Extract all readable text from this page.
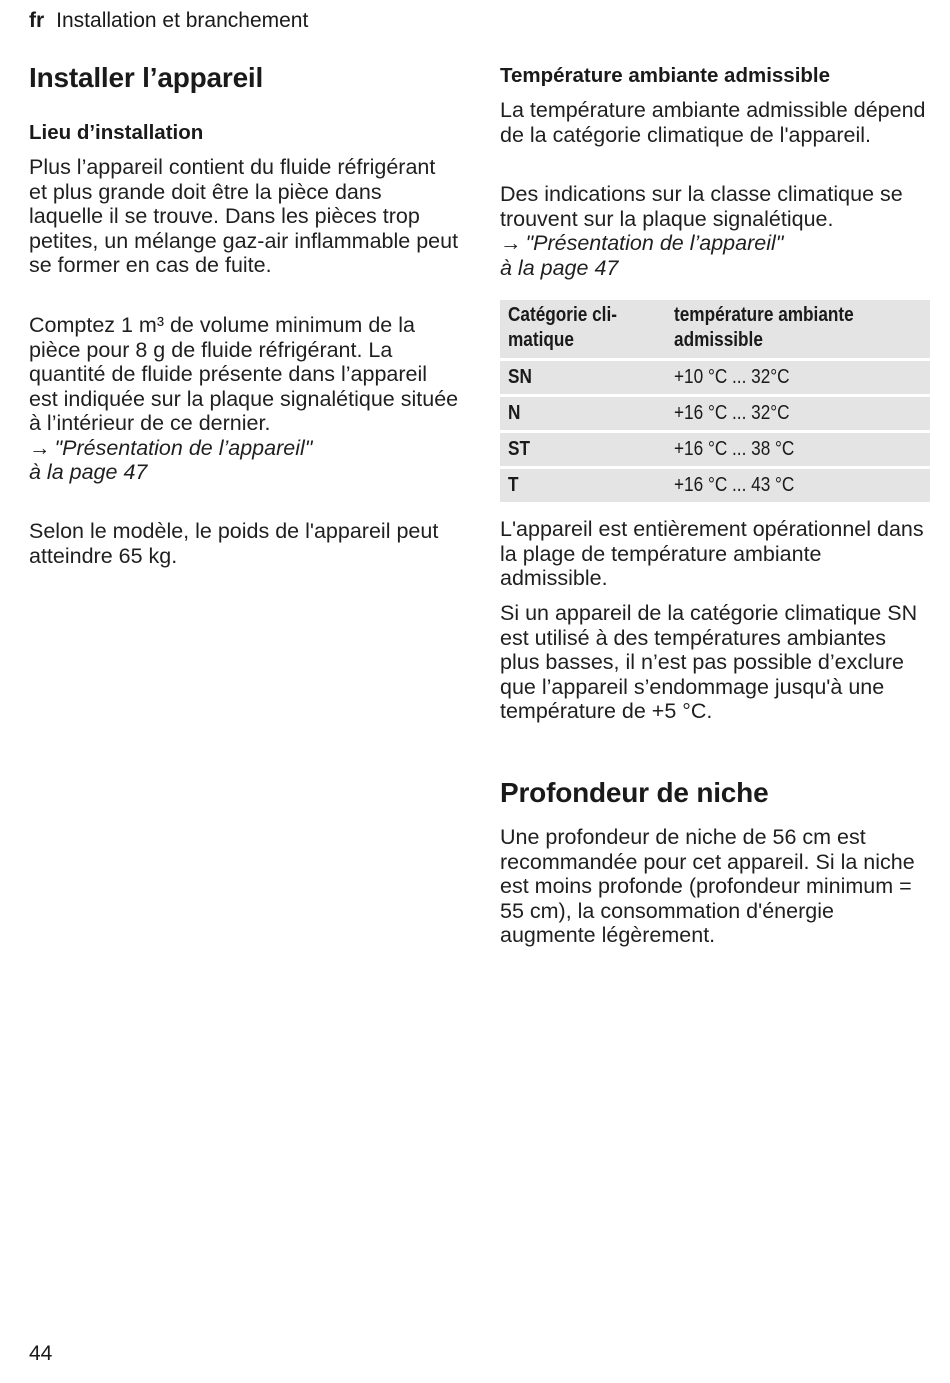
fr Installation et branchement
Installer l’appareil
Lieu d’installation

Plus l’appareil contient du fluide réfrigérant et plus grande doit être la pièce dans laquelle il se trouve. Dans les pièces trop petites, un mélange gaz-air inflammable peut se former en cas de fuite.

Comptez 1 m³ de volume minimum de la pièce pour 8 g de fluide réfrigérant. La quantité de fluide présente dans l’appareil est indiquée sur la plaque signalétique située à l’intérieur de ce dernier.

→ "Présentation de l’appareil"
à la page 47

Selon le modèle, le poids de l'appareil peut atteindre 65 kg.

Température ambiante admissible

La température ambiante admissible dépend de la catégorie climatique de l'appareil.

Des indications sur la classe climatique se trouvent sur la plaque signalétique.

→ "Présentation de l’appareil"
à la page 47

Catégorie cli-
matique	température ambiante
admissible
SN	+10 °C ... 32°C
N	+16 °C ... 32°C
ST	+16 °C ... 38 °C
T	+16 °C ... 43 °C

L'appareil est entièrement opérationnel dans la plage de température ambiante admissible.

Si un appareil de la catégorie climatique SN est utilisé à des températures ambiantes plus basses, il n’est pas possible d’exclure que l’appareil s’endommage jusqu'à une température de +5 °C.

Profondeur de niche

Une profondeur de niche de 56 cm est recommandée pour cet appareil. Si la niche est moins profonde (profondeur minimum = 55 cm), la consommation d'énergie augmente légèrement.

44
